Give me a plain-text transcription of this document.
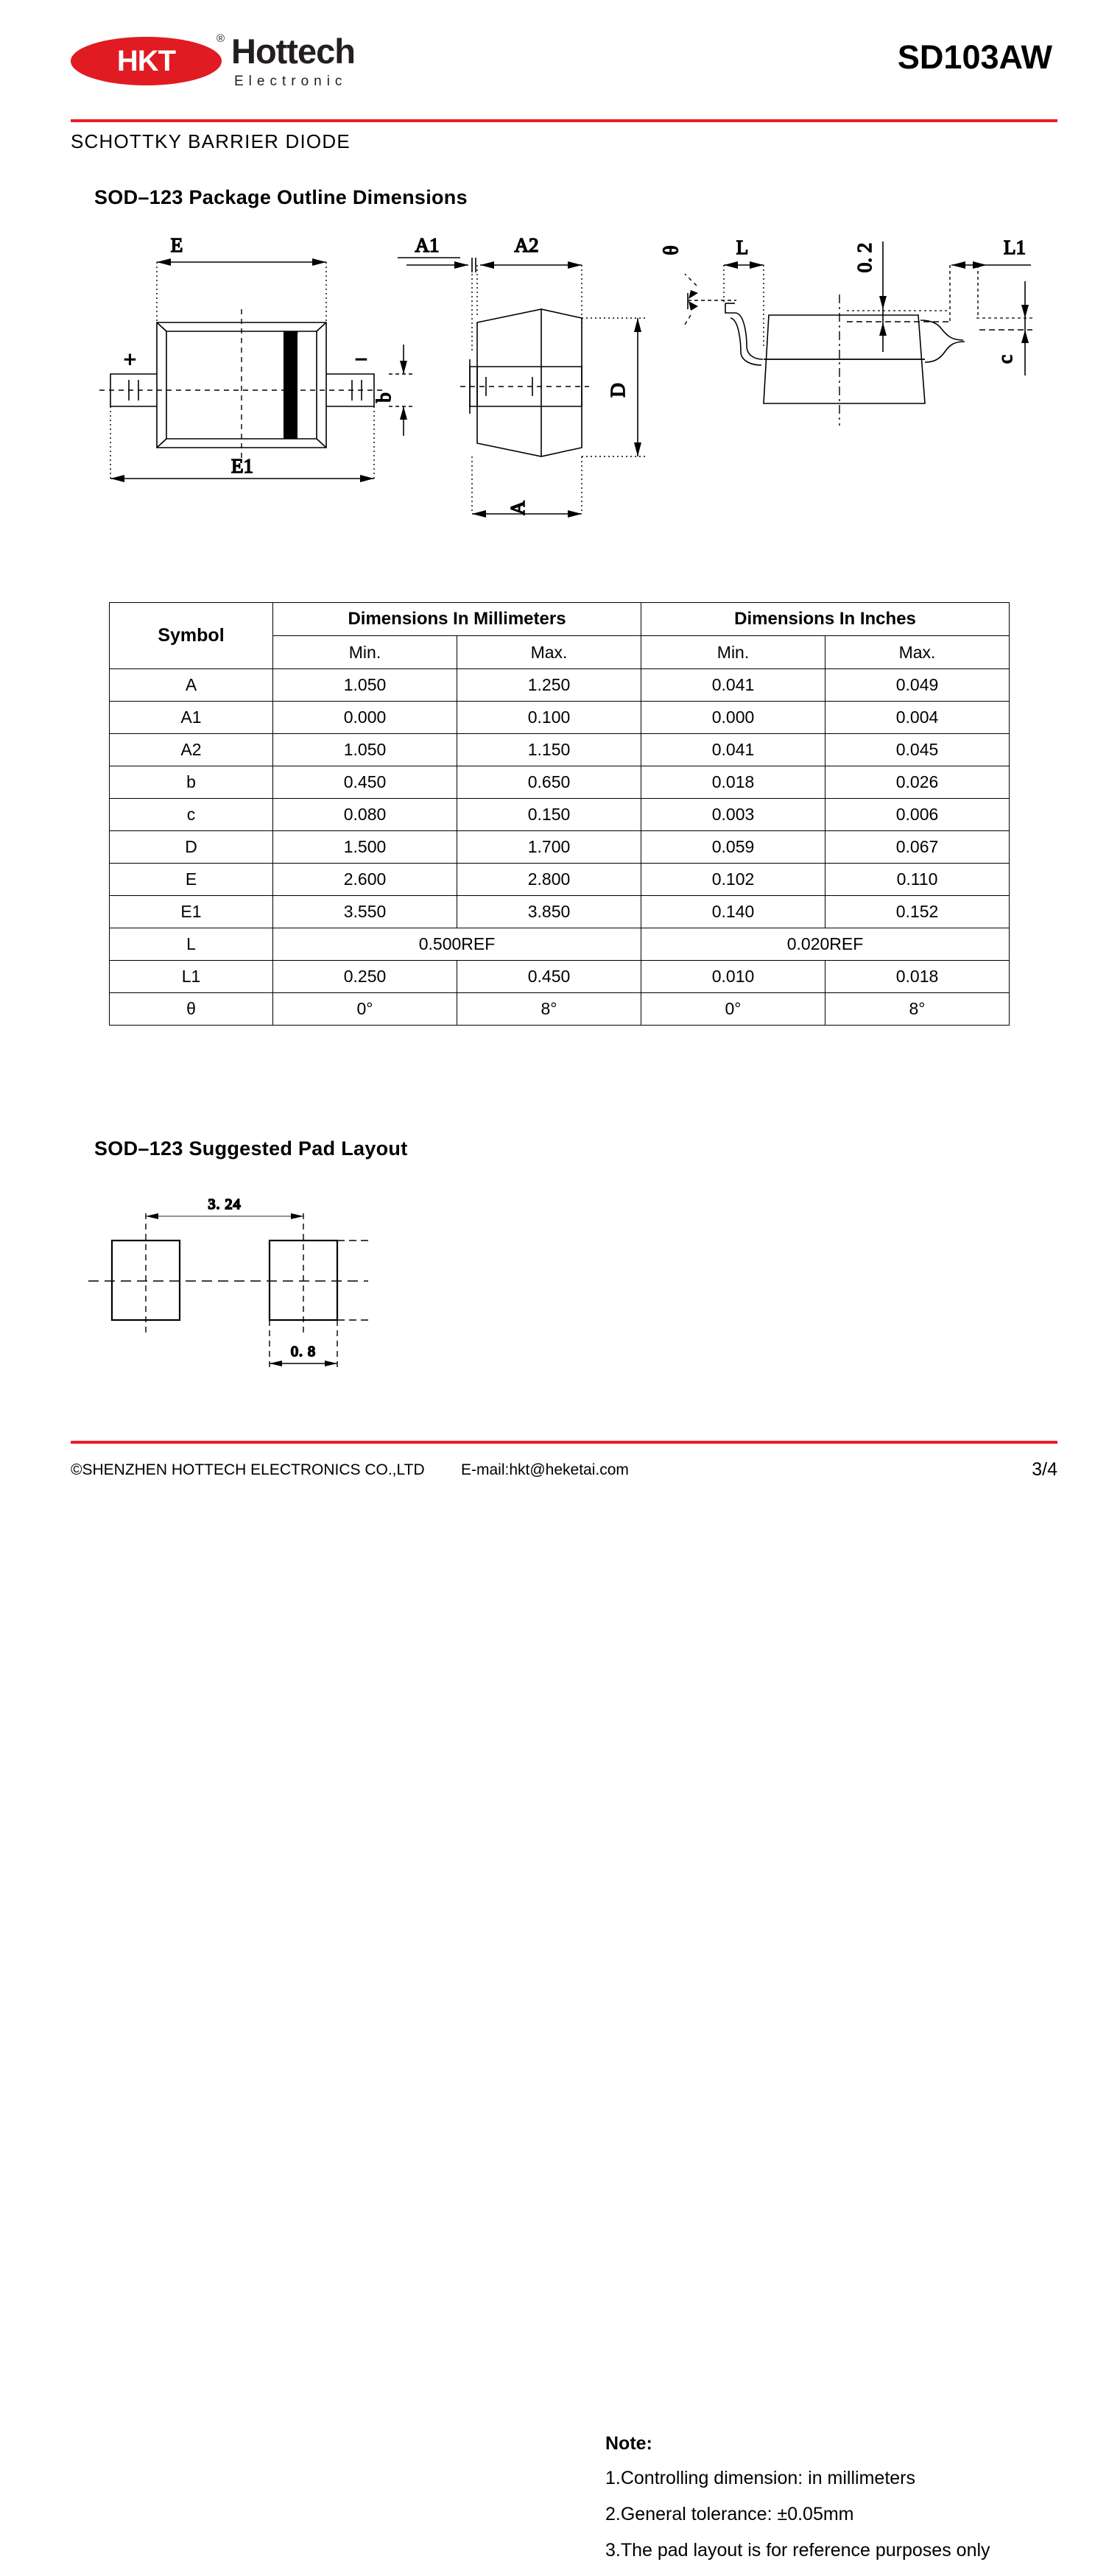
HKT
® Hottech
Electronic
SD103AW
SCHOTTKY BARRIER DIODE
SOD–123 Package Outline Dimensions
E
+	−
b
E1
A1	A2
D
A
θ	L	0. 2	L1
c
Symbol	Dimensions In Millimeters		Dimensions In Inches	
	Min.	Max.	Min.	Max.
A	1.050	1.250	0.041	0.049
A1	0.000	0.100	0.000	0.004
A2	1.050	1.150	0.041	0.045
b	0.450	0.650	0.018	0.026
c	0.080	0.150	0.003	0.006
D	1.500	1.700	0.059	0.067
E	2.600	2.800	0.102	0.110
E1	3.550	3.850	0.140	0.152
L	0.500REF		0.020REF	
L1	0.250	0.450	0.010	0.018
θ	0°	8°	0°	8°
SOD–123 Suggested Pad Layout
3. 24
0. 8
Note:
1.Controlling dimension: in millimeters
2.General tolerance: ±0.05mm
3.The pad layout is for reference purposes only
©SHENZHEN HOTTECH ELECTRONICS CO.,LTD E-mail:hkt@heketai.com	3/4
